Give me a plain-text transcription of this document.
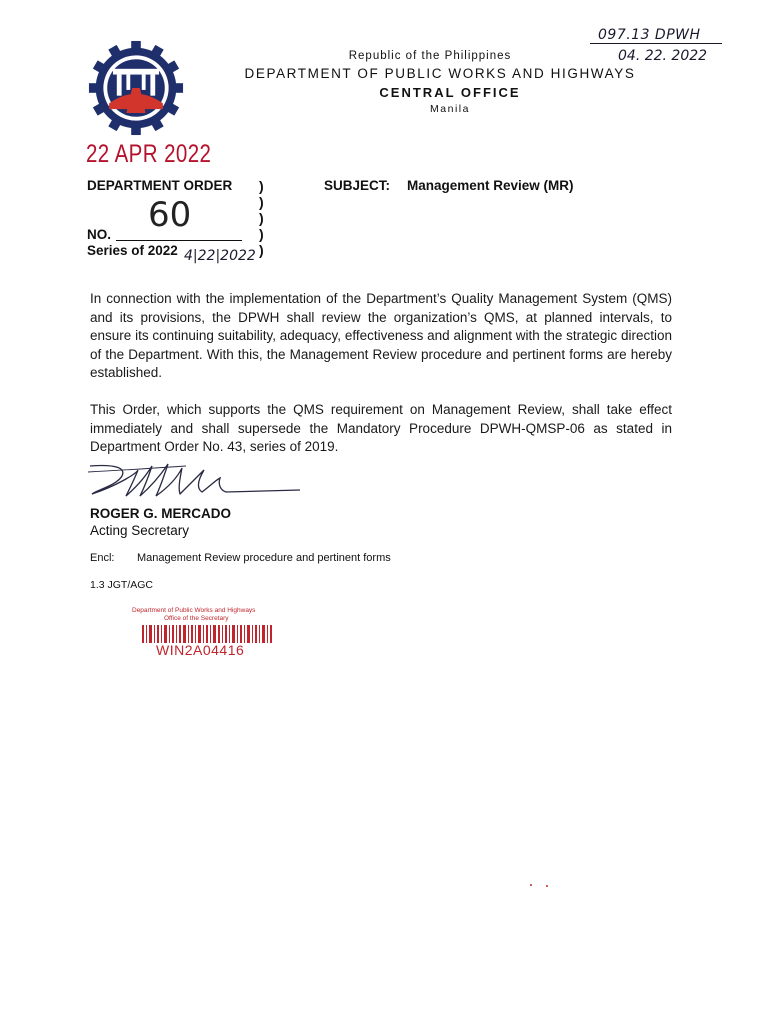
097.13 DPWH
04. 22. 2022
Republic of the Philippines
DEPARTMENT OF PUBLIC WORKS AND HIGHWAYS
CENTRAL OFFICE
Manila
22 APR 2022
DEPARTMENT ORDER )
)
)
)
)
60
NO.
Series of 2022 4|22|2022
SUBJECT: Management Review (MR)
In connection with the implementation of the Department’s Quality Management System (QMS) and its provisions, the DPWH shall review the organization’s QMS, at planned intervals, to ensure its continuing suitability, adequacy, effectiveness and alignment with the strategic direction of the Department. With this, the Management Review procedure and pertinent forms are hereby established.
This Order, which supports the QMS requirement on Management Review, shall take effect immediately and shall supersede the Mandatory Procedure DPWH-QMSP-06 as stated in Department Order No. 43, series of 2019.
ROGER G. MERCADO
Acting Secretary
Encl: Management Review procedure and pertinent forms
1.3 JGT/AGC
Department of Public Works and Highways
Office of the Secretary
WIN2A04416
